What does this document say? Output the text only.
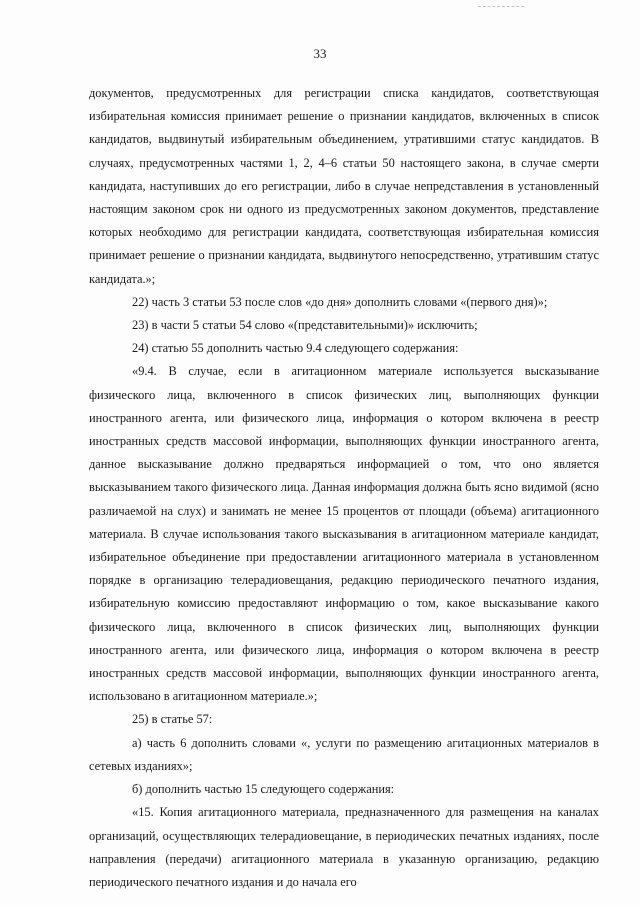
33

документов, предусмотренных для регистрации списка кандидатов, соответствующая избирательная комиссия принимает решение о признании кандидатов, включенных в список кандидатов, выдвинутый избирательным объединением, утратившими статус кандидатов. В случаях, предусмотренных частями 1, 2, 4–6 статьи 50 настоящего закона, в случае смерти кандидата, наступивших до его регистрации, либо в случае непредставления в установленный настоящим законом срок ни одного из предусмотренных законом документов, представление которых необходимо для регистрации кандидата, соответствующая избирательная комиссия принимает решение о признании кандидата, выдвинутого непосредственно, утратившим статус кандидата.»;

22) часть 3 статьи 53 после слов «до дня» дополнить словами «(первого дня)»;

23) в части 5 статьи 54 слово «(представительными)» исключить;

24) статью 55 дополнить частью 9.4 следующего содержания:

«9.4. В случае, если в агитационном материале используется высказывание физического лица, включенного в список физических лиц, выполняющих функции иностранного агента, или физического лица, информация о котором включена в реестр иностранных средств массовой информации, выполняющих функции иностранного агента, данное высказывание должно предваряться информацией о том, что оно является высказыванием такого физического лица. Данная информация должна быть ясно видимой (ясно различаемой на слух) и занимать не менее 15 процентов от площади (объема) агитационного материала. В случае использования такого высказывания в агитационном материале кандидат, избирательное объединение при предоставлении агитационного материала в установленном порядке в организацию телерадиовещания, редакцию периодического печатного издания, избирательную комиссию предоставляют информацию о том, какое высказывание какого физического лица, включенного в список физических лиц, выполняющих функции иностранного агента, или физического лица, информация о котором включена в реестр иностранных средств массовой информации, выполняющих функции иностранного агента, использовано в агитационном материале.»;

25) в статье 57:

а) часть 6 дополнить словами «, услуги по размещению агитационных материалов в сетевых изданиях»;

б) дополнить частью 15 следующего содержания:

«15. Копия агитационного материала, предназначенного для размещения на каналах организаций, осуществляющих телерадиовещание, в периодических печатных изданиях, после направления (передачи) агитационного материала в указанную организацию, редакцию периодического печатного издания и до начала его
